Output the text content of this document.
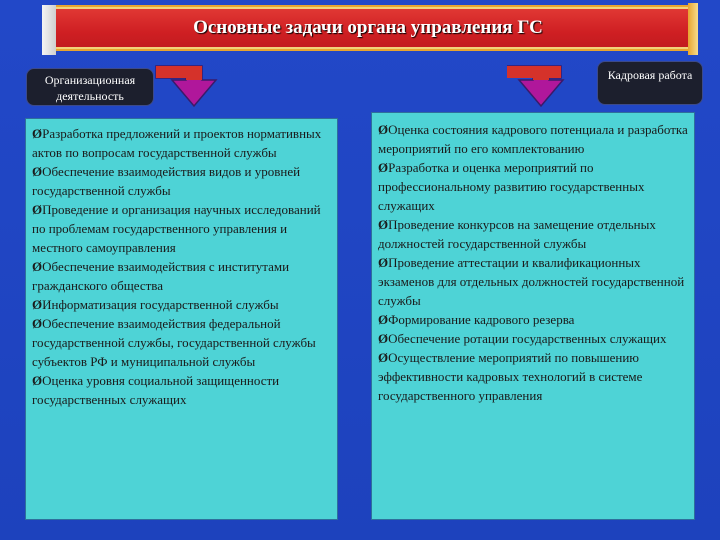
Основные задачи органа управления ГС
Организационная деятельность
Кадровая работа
ØРазработка предложений и проектов нормативных актов по вопросам государственной службы
ØОбеспечение взаимодействия видов и уровней государственной службы
ØПроведение и организация научных исследований по проблемам государственного управления и местного самоуправления
ØОбеспечение взаимодействия с институтами гражданского общества
ØИнформатизация государственной службы
ØОбеспечение взаимодействия федеральной государственной службы, государственной службы субъектов РФ и муниципальной службы
ØОценка уровня социальной защищенности государственных служащих
ØОценка состояния кадрового потенциала и разработка мероприятий по его комплектованию
ØРазработка и оценка мероприятий по профессиональному развитию государственных служащих
ØПроведение конкурсов на замещение отдельных должностей государственной службы
ØПроведение аттестации и квалификационных экзаменов для отдельных должностей государственной службы
ØФормирование кадрового резерва
ØОбеспечение ротации государственных служащих
ØОсуществление мероприятий по повышению эффективности кадровых технологий в системе государственного управления
